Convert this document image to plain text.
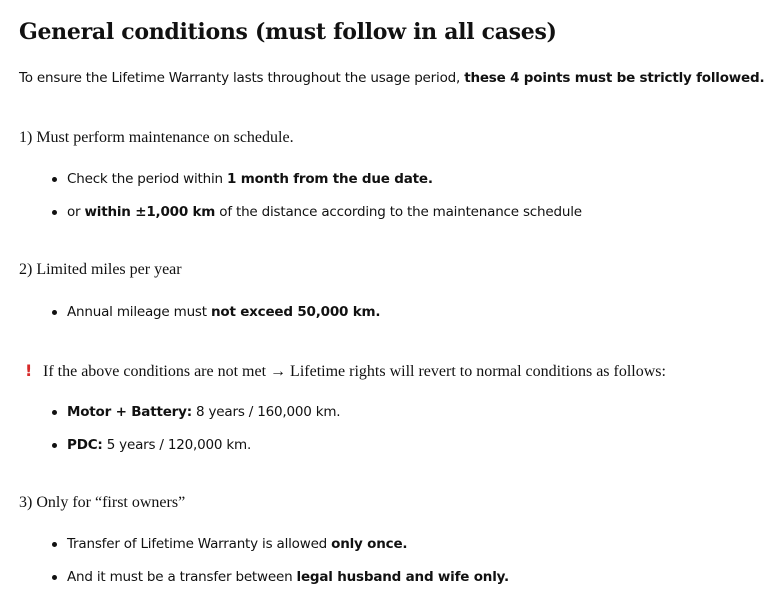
General conditions (must follow in all cases)

To ensure the Lifetime Warranty lasts throughout the usage period, these 4 points must be strictly followed.

1) Must perform maintenance on schedule.

Check the period within 1 month from the due date.
or within ±1,000 km of the distance according to the maintenance schedule

2) Limited miles per year

Annual mileage must not exceed 50,000 km.

! If the above conditions are not met → Lifetime rights will revert to normal conditions as follows:

Motor + Battery: 8 years / 160,000 km.
PDC: 5 years / 120,000 km.

3) Only for “first owners”

Transfer of Lifetime Warranty is allowed only once.
And it must be a transfer between legal husband and wife only.
